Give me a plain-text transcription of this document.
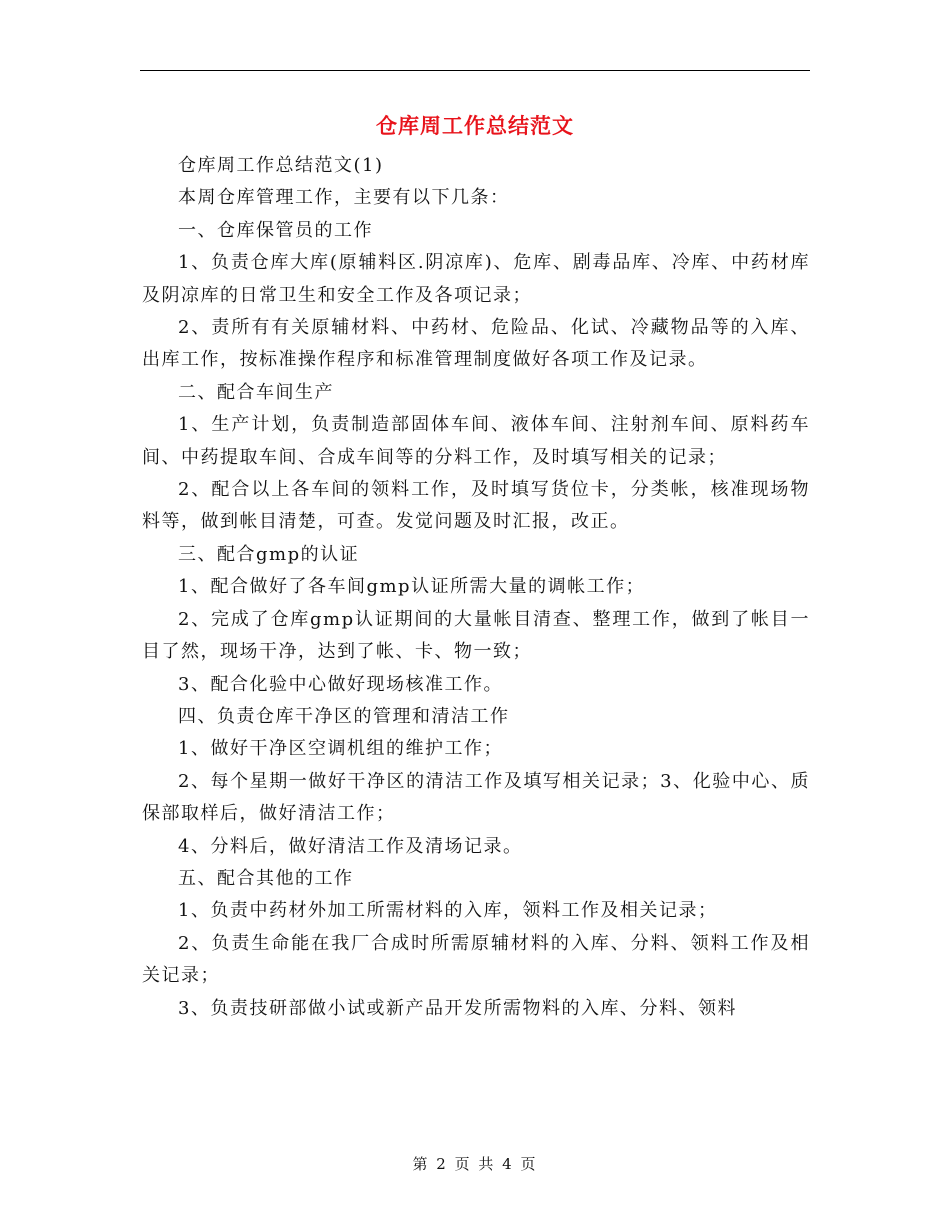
仓库周工作总结范文

仓库周工作总结范文(1)

本周仓库管理工作，主要有以下几条：

一、仓库保管员的工作

1、负责仓库大库(原辅料区.阴凉库)、危库、剧毒品库、冷库、中药材库及阴凉库的日常卫生和安全工作及各项记录；

2、责所有有关原辅材料、中药材、危险品、化试、冷藏物品等的入库、出库工作，按标准操作程序和标准管理制度做好各项工作及记录。

二、配合车间生产

1、生产计划，负责制造部固体车间、液体车间、注射剂车间、原料药车间、中药提取车间、合成车间等的分料工作，及时填写相关的记录；

2、配合以上各车间的领料工作，及时填写货位卡，分类帐，核准现场物料等，做到帐目清楚，可查。发觉问题及时汇报，改正。

三、配合gmp的认证

1、配合做好了各车间gmp认证所需大量的调帐工作；

2、完成了仓库gmp认证期间的大量帐目清查、整理工作，做到了帐目一目了然，现场干净，达到了帐、卡、物一致；

3、配合化验中心做好现场核准工作。

四、负责仓库干净区的管理和清洁工作

1、做好干净区空调机组的维护工作；

2、每个星期一做好干净区的清洁工作及填写相关记录；3、化验中心、质保部取样后，做好清洁工作；

4、分料后，做好清洁工作及清场记录。

五、配合其他的工作

1、负责中药材外加工所需材料的入库，领料工作及相关记录；

2、负责生命能在我厂合成时所需原辅材料的入库、分料、领料工作及相关记录；

3、负责技研部做小试或新产品开发所需物料的入库、分料、领料

第 2 页 共 4 页
